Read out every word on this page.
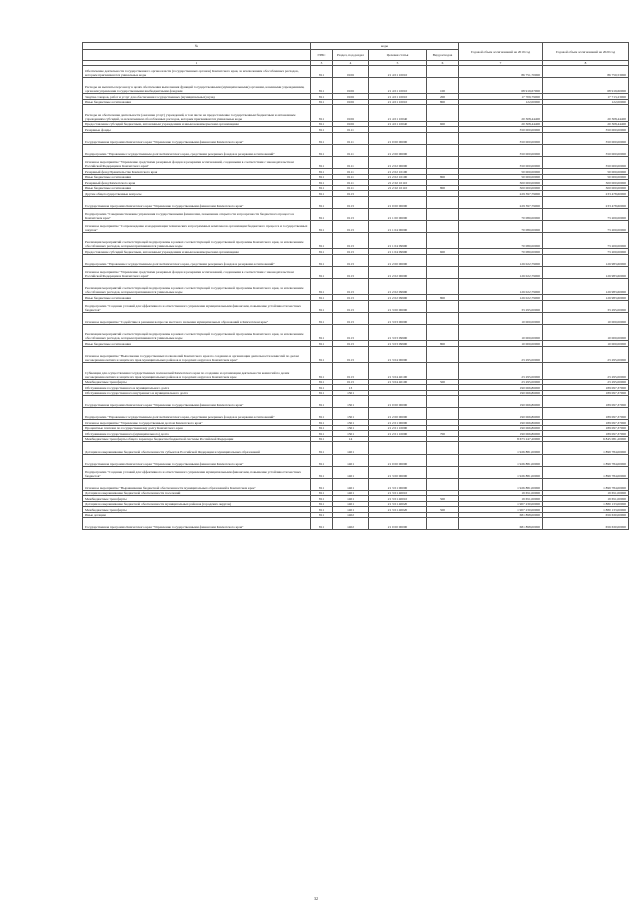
№	коды				Годовой объем ассигнований на 2019 год	Годовой объем ассигнований на 2020 год
	ГРБС	Раздел, под-раздел	Целевая статья	Вид расходов		
1	3	4	5	6	7	8
Обеспечение деятельности государственного органа власти (государственных органов) Камчатского края, за исключением обособленных расходов, которым присваиваются уникальные коды	811	0106	21 4 01 10010		86 751,70000	86 750,53000
Расходы на выплаты персоналу в целях обеспечения выполнения функций государственными (муниципальными) органами, казенными учреждениями, органами управления государственными внебюджетными фондами	811	0106	21 4 01 10010	100	68 919,67000	68 919,60000
Закупка товаров, работ и услуг для обеспечения государственных (муниципальных) нужд	811	0106	21 4 01 10010	200	17 709,79000	17 713,23000
Иные бюджетные ассигнования	811	0106	21 4 01 10010	800	122,00000	122,00000
Расходы на обеспечение деятельности (оказание услуг) учреждений, в том числе на предоставление государственным бюджетным и автономным учреждениям субсидий, за исключением обособленных расходов, которым присваиваются уникальные коды	811	0106	21 4 01 10040		20 308,44400	20 308,44400
Предоставление субсидий бюджетным, автономным учреждениям и иным некоммерческим организациям	811	0106	21 4 01 10040	600	20 308,44400	20 308,44400
Резервные фонды	811	0111			350 000,00000	350 000,00000
Государственная программа Камчатского края "Управление государственными финансами Камчатского края"	811	0111	21 0 00 00000		350 000,00000	350 000,00000
Подпрограмма "Управление государственным долгом Камчатского края, средствами резервных фондов и резервами ассигнований"	811	0111	21 2 00 00000		350 000,00000	350 000,00000
Основное мероприятие "Управление средствами резервных фондов и резервами ассигнований, созданными в соответствии с законодательством Российской Федерации и Камчатского края"	811	0111	21 2 02 00000		350 000,00000	350 000,00000
Резервный фонд Правительства Камчатского края	811	0111	21 2 02 10100		50 000,00000	50 000,00000
Иные бюджетные ассигнования	811	0111	21 2 02 10100	800	50 000,00000	50 000,00000
Резервный фонд Камчатского края	811	0111	21 2 02 10110		300 000,00000	300 000,00000
Иные бюджетные ассигнования	811	0111	21 2 02 10110	800	300 000,00000	300 000,00000
Другие общегосударственные вопросы	811	0113			229 397,79000	233 478,60000
Государственная программа Камчатского края "Управление государственными финансами Камчатского края"	811	0113	21 0 00 00000		229 397,79000	233 478,60000
Подпрограмма "Совершенствование управления государственными финансами, повышение открытости и прозрачности бюджетного процесса в Камчатском крае"	811	0113	21 1 00 00000		70 080,00000	73 200,00000
Основное мероприятие "Сопровождение и модернизация технических и программных комплексов организации бюджетного процесса и государственных закупок"	811	0113	21 1 04 00000		70 080,00000	73 200,00000
Реализация мероприятий соответствующей подпрограммы в рамках соответствующей государственной программы Камчатского края, за исключением обособленных расходов, которым присваиваются уникальные коды	811	0113	21 1 04 09990		70 080,00000	73 200,00000
Предоставление субсидий бюджетным, автономным учреждениям и иным некоммерческим организациям	811	0113	21 1 04 09990	600	70 080,00000	73 200,00000
Подпрограмма "Управление государственным долгом Камчатского края, средствами резервных фондов и резервами ассигнований"	811	0113	21 2 00 00000		126 022,79000	126 983,60000
Основное мероприятие "Управление средствами резервных фондов и резервами ассигнований, созданными в соответствии с законодательством Российской Федерации и Камчатского края"	811	0113	21 2 02 00000		126 022,79000	126 983,60000
Реализация мероприятий соответствующей подпрограммы в рамках соответствующей государственной программы Камчатского края, за исключением обособленных расходов, которым присваиваются уникальные коды	811	0113	21 2 02 09990		126 022,79000	126 983,60000
Иные бюджетные ассигнования	811	0113	21 2 02 09990	800	126 022,79000	126 983,60000
Подпрограмма "Создание условий для эффективного и ответственного управления муниципальными финансами, повышение устойчивости местных бюджетов"	811	0113	21 3 00 00000		33 295,00000	33 295,00000
Основное мероприятие "Содействие в решении вопросов местного значения муниципальных образований в Камчатском крае"	811	0113	21 3 03 00000		10 000,00000	10 000,00000
Реализация мероприятий соответствующей подпрограммы в рамках соответствующей государственной программы Камчатского края, за исключением обособленных расходов, которым присваиваются уникальные коды	811	0113	21 3 03 09990		10 000,00000	10 000,00000
Иные бюджетные ассигнования	811	0113	21 3 03 09990	800	10 000,00000	10 000,00000
Основное мероприятие "Выполнение государственных полномочий Камчатского края по созданию и организации деятельности комиссий по делам несовершеннолетних и защите их прав муниципальных районов и городских округов в Камчатском крае"	811	0113	21 3 04 00000		23 295,00000	23 295,00000
Субвенции для осуществления государственных полномочий Камчатского края по созданию и организации деятельности комиссий по делам несовершеннолетних и защите их прав муниципальных районов и городских округов в Камчатском крае	811	0113	21 3 04 40100		23 295,00000	23 295,00000
Межбюджетные трансферты	811	0113	21 3 04 40100	500	23 295,00000	23 295,00000
Обслуживание государственного и муниципального долга	811	13			190 066,86000	189 097,37000
Обслуживание государственного внутреннего и муниципального долга	811	1301			190 066,86000	189 097,37000
Государственная программа Камчатского края "Управление государственными финансами Камчатского края"	811	1301	21 0 00 00000		190 066,86000	189 097,37000
Подпрограмма "Управление государственным долгом Камчатского края, средствами резервных фондов и резервами ассигнований"	811	1301	21 2 00 00000		190 066,86000	189 097,37000
Основное мероприятие "Управление государственным долгом Камчатского края"	811	1301	21 2 01 00000		190 066,86000	189 097,37000
Процентные платежи по государственному долгу Камчатского края	811	1301	21 2 01 10090		190 066,86000	189 097,37000
Обслуживание государственного (муниципального) долга	811	1301	21 2 01 10090	700	190 066,86000	189 097,37000
Межбюджетные трансферты общего характера бюджетам бюджетной системы Российской Федерации	811	14			8 673 247,20000	6 845 081,20000
Дотации на выравнивание бюджетной обеспеченности субъектов Российской Федерации и муниципальных образований	811	1401			1 926 881,00000	1 899 784,00000
Государственная программа Камчатского края "Управление государственными финансами Камчатского края"	811	1401	21 0 00 00000		1 926 881,00000	1 899 784,00000
Подпрограмма "Создание условий для эффективного и ответственного управления муниципальными финансами, повышение устойчивости местных бюджетов"	811	1401	21 3 00 00000		1 926 881,00000	1 899 784,00000
Основное мероприятие "Выравнивание бюджетной обеспеченности муниципальных образований в Камчатском крае"	811	1401	21 3 01 00000		1 926 881,00000	1 899 784,00000
Дотации на выравнивание бюджетной обеспеченности поселений	811	1401	21 3 01 40010		19 651,00000	19 651,00000
Межбюджетные трансферты	811	1401	21 3 01 40010	500	19 651,00000	19 651,00000
Дотации на выравнивание бюджетной обеспеченности муниципальных районов (городских округов)	811	1401	21 3 01 40020		1 907 230,00000	1 880 133,00000
Межбюджетные трансферты	811	1401	21 3 01 40020	500	1 907 230,00000	1 880 133,00000
Иные дотации	811	1402			681 898,00000	656 630,00000
Государственная программа Камчатского края "Управление государственными финансами Камчатского края"	811	1402	21 0 00 00000		681 898,00000	656 630,00000
32
